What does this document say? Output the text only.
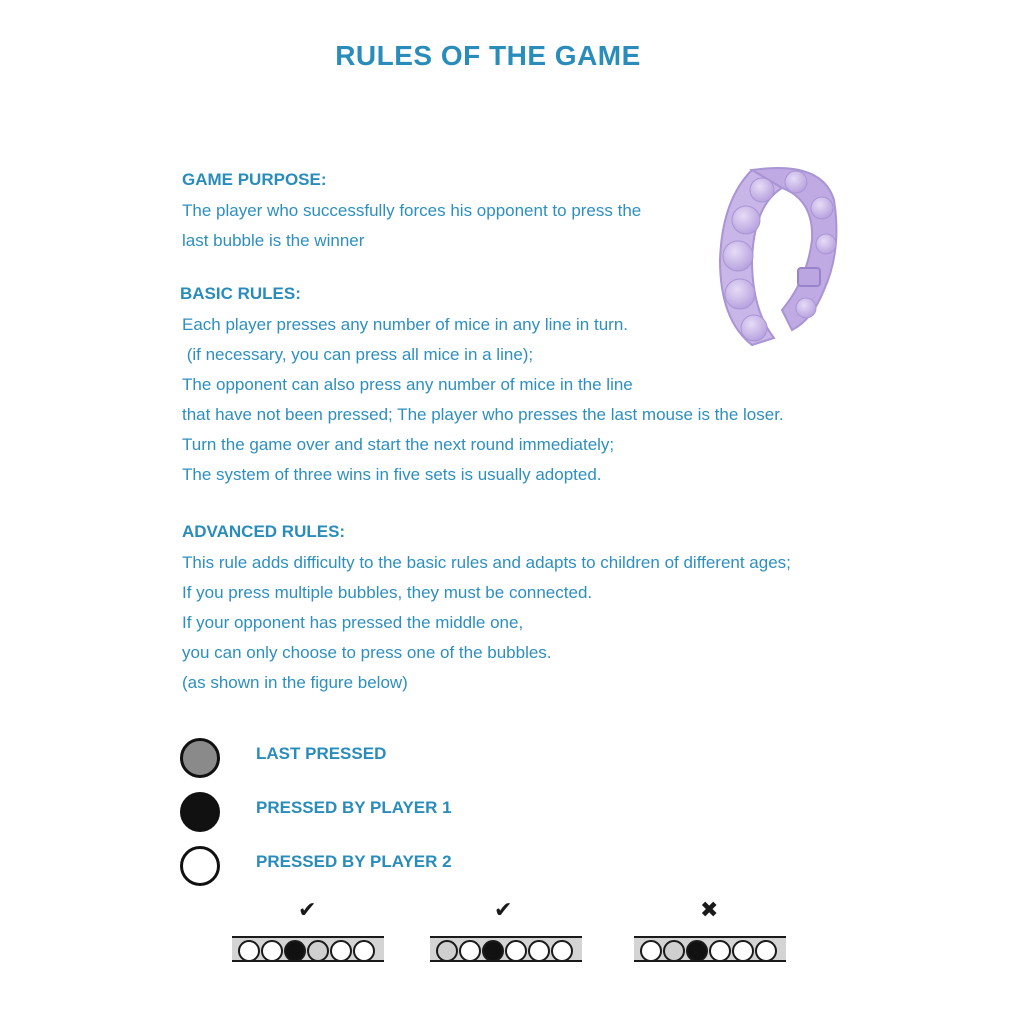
RULES OF THE GAME
GAME PURPOSE:
The player who successfully forces his opponent to press the
last bubble is the winner
BASIC RULES:
Each player presses any number of mice in any line in turn.
(if necessary, you can press all mice in a line);
The opponent can also press any number of mice in the line
that have not been pressed; The player who presses the last mouse is the loser.
Turn the game over and start the next round immediately;
The system of three wins in five sets is usually adopted.
ADVANCED RULES:
This rule adds difficulty to the basic rules and adapts to children of different ages;
If you press multiple bubbles, they must be connected.
If your opponent has pressed the middle one,
you can only choose to press one of the bubbles.
(as shown in the figure below)
LAST PRESSED
PRESSED BY PLAYER 1
PRESSED BY PLAYER 2
✔	✔	✖
